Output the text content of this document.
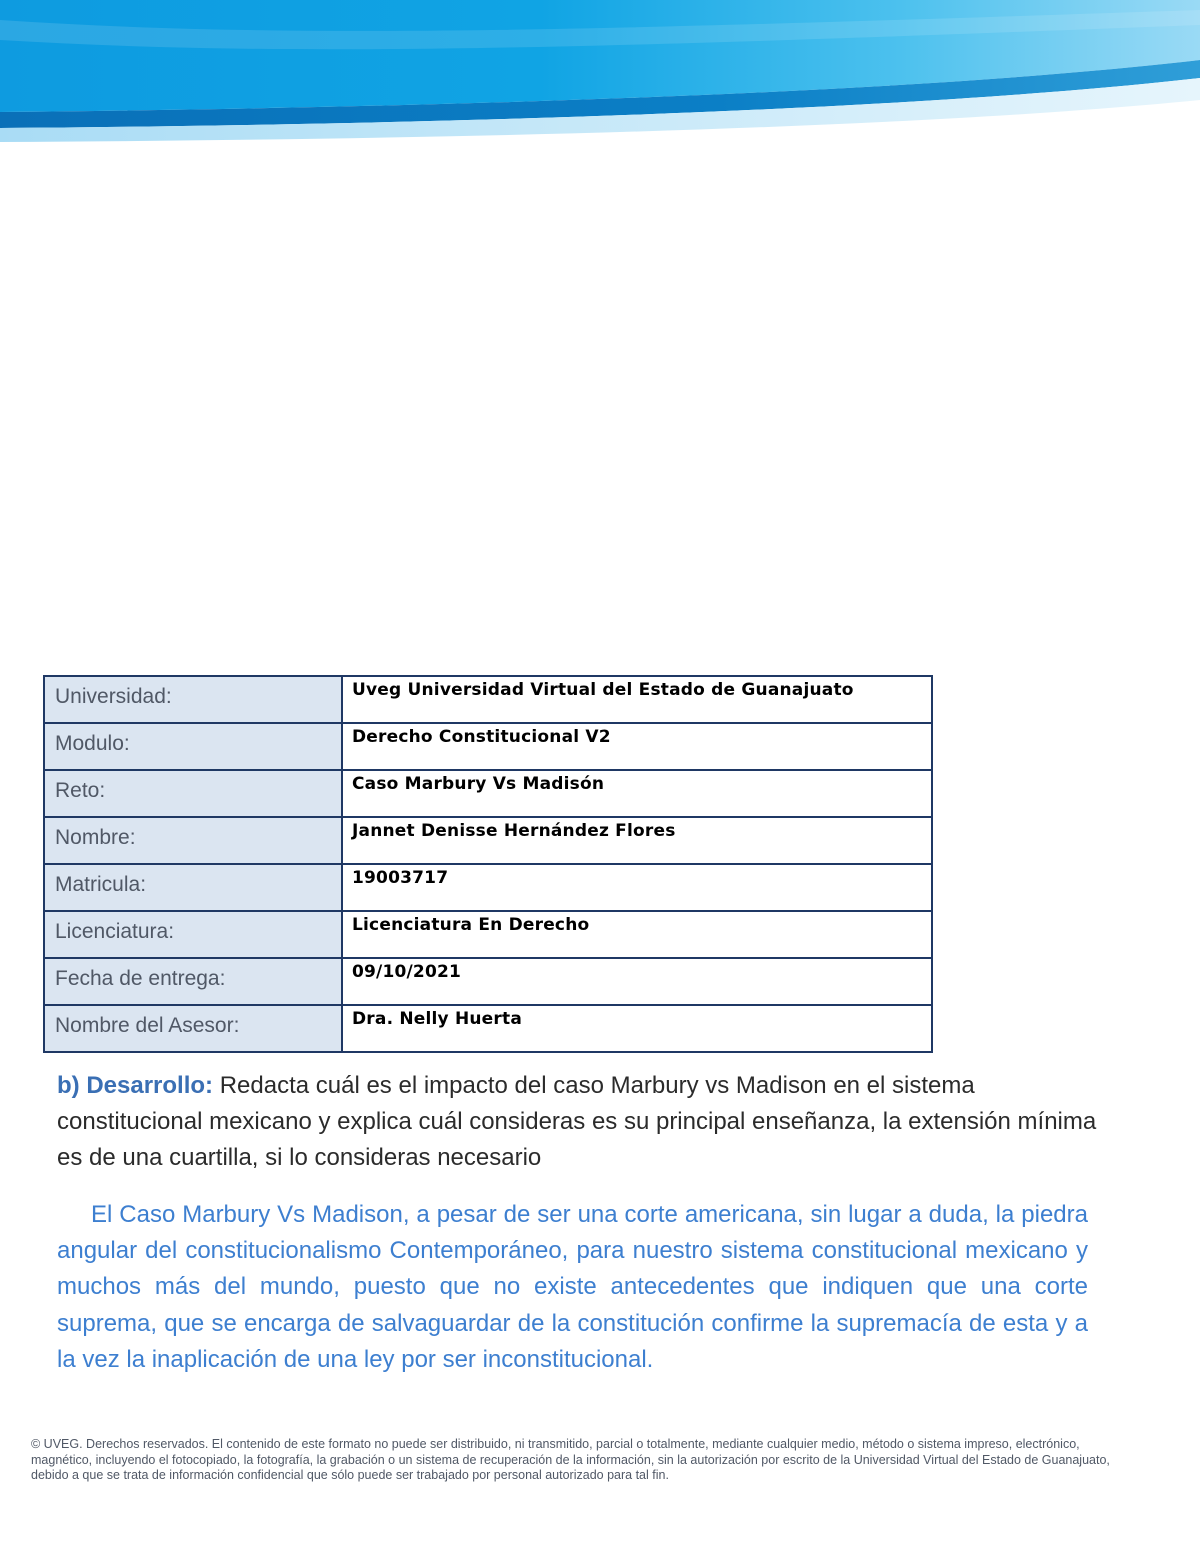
Universidad:	Uveg Universidad Virtual del Estado de Guanajuato
Modulo:	Derecho Constitucional V2
Reto:	Caso Marbury Vs Madisón
Nombre:	Jannet Denisse Hernández Flores
Matricula:	19003717
Licenciatura:	Licenciatura En Derecho
Fecha de entrega:	09/10/2021
Nombre del Asesor:	Dra. Nelly Huerta

b) Desarrollo: Redacta cuál es el impacto del caso Marbury vs Madison en el sistema constitucional mexicano y explica cuál consideras es su principal enseñanza, la extensión mínima es de una cuartilla, si lo consideras necesario

El Caso Marbury Vs Madison, a pesar de ser una corte americana, sin lugar a duda, la piedra angular del constitucionalismo Contemporáneo, para nuestro sistema constitucional mexicano y muchos más del mundo, puesto que no existe antecedentes que indiquen que una corte suprema, que se encarga de salvaguardar de la constitución confirme la supremacía de esta y a la vez la inaplicación de una ley por ser inconstitucional.

© UVEG. Derechos reservados. El contenido de este formato no puede ser distribuido, ni transmitido, parcial o totalmente, mediante cualquier medio, método o sistema impreso, electrónico, magnético, incluyendo el fotocopiado, la fotografía, la grabación o un sistema de recuperación de la información, sin la autorización por escrito de la Universidad Virtual del Estado de Guanajuato, debido a que se trata de información confidencial que sólo puede ser trabajado por personal autorizado para tal fin.
